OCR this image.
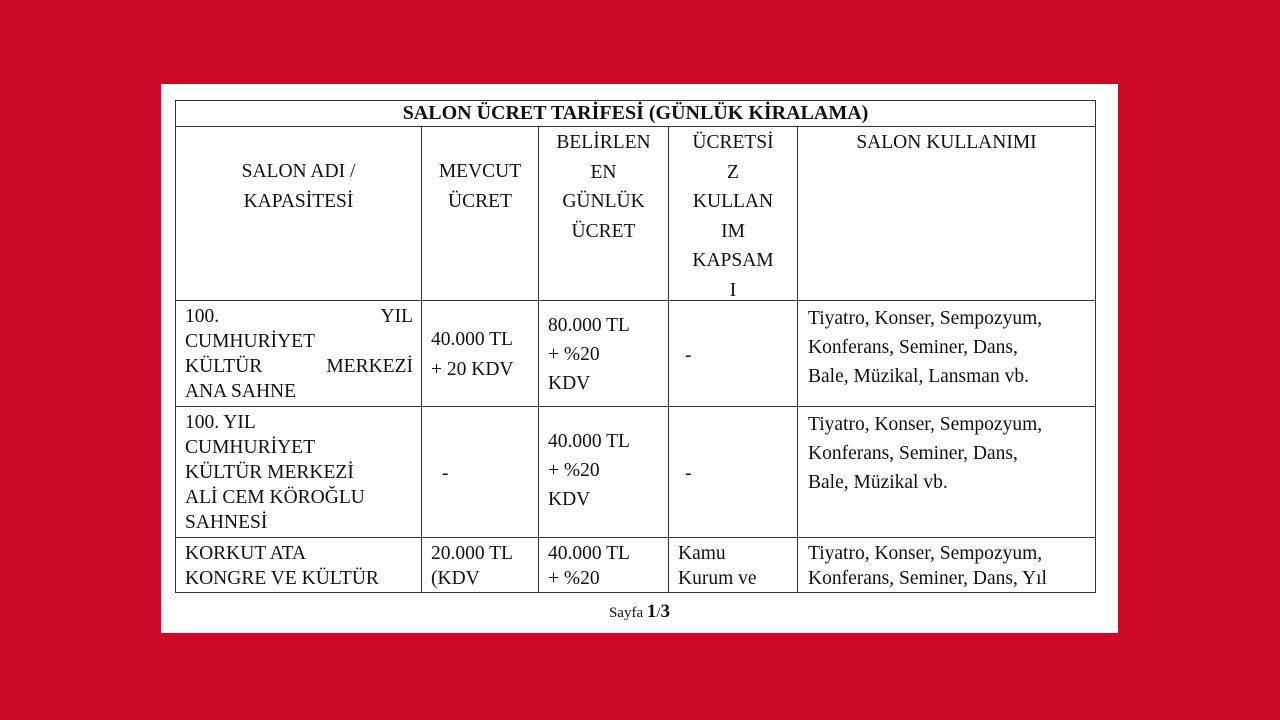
SALON ÜCRET TARİFESİ (GÜNLÜK KİRALAMA)
SALON ADI /
KAPASİTESİ
MEVCUT
ÜCRET
BELİRLEN
EN
GÜNLÜK
ÜCRET
ÜCRETSİ
Z
KULLAN
IM
KAPSAM
I
SALON KULLANIMI
100. YIL
CUMHURİYET
KÜLTÜR MERKEZİ
ANA SAHNE
40.000 TL
+ 20 KDV
80.000 TL
+ %20
KDV
-
Tiyatro, Konser, Sempozyum,
Konferans, Seminer, Dans,
Bale, Müzikal, Lansman vb.
100. YIL
CUMHURİYET
KÜLTÜR MERKEZİ
ALİ CEM KÖROĞLU
SAHNESİ
-
40.000 TL
+ %20
KDV
-
Tiyatro, Konser, Sempozyum,
Konferans, Seminer, Dans,
Bale, Müzikal vb.
KORKUT ATA
KONGRE VE KÜLTÜR
20.000 TL
(KDV
40.000 TL
+ %20
Kamu
Kurum ve
Tiyatro, Konser, Sempozyum,
Konferans, Seminer, Dans, Yıl
Sayfa 1/3
